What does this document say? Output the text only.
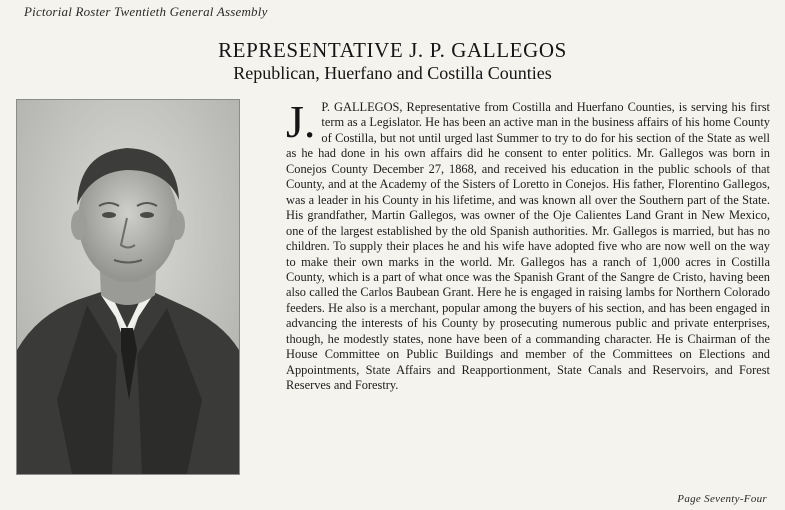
Pictorial Roster Twentieth General Assembly
REPRESENTATIVE J. P. GALLEGOS
Republican, Huerfano and Costilla Counties
J. P. GALLEGOS, Representative from Costilla and Huerfano Counties, is serving his first term as a Legislator. He has been an active man in the business affairs of his home County of Costilla, but not until urged last Summer to try to do for his section of the State as well as he had done in his own affairs did he consent to enter politics. Mr. Gallegos was born in Conejos County December 27, 1868, and received his education in the public schools of that County, and at the Academy of the Sisters of Loretto in Conejos. His father, Florentino Gallegos, was a leader in his County in his lifetime, and was known all over the Southern part of the State. His grandfather, Martin Gallegos, was owner of the Oje Calientes Land Grant in New Mexico, one of the largest established by the old Spanish authorities. Mr. Gallegos is married, but has no children. To supply their places he and his wife have adopted five who are now well on the way to make their own marks in the world. Mr. Gallegos has a ranch of 1,000 acres in Costilla County, which is a part of what once was the Spanish Grant of the Sangre de Cristo, having been also called the Carlos Baubean Grant. Here he is engaged in raising lambs for Northern Colorado feeders. He also is a merchant, popular among the buyers of his section, and has been engaged in advancing the interests of his County by prosecuting numerous public and private enterprises, though, he modestly states, none have been of a commanding character. He is Chairman of the House Committee on Public Buildings and member of the Committees on Elections and Appointments, State Affairs and Reapportionment, State Canals and Reservoirs, and Forest Reserves and Forestry.
Page Seventy-Four
